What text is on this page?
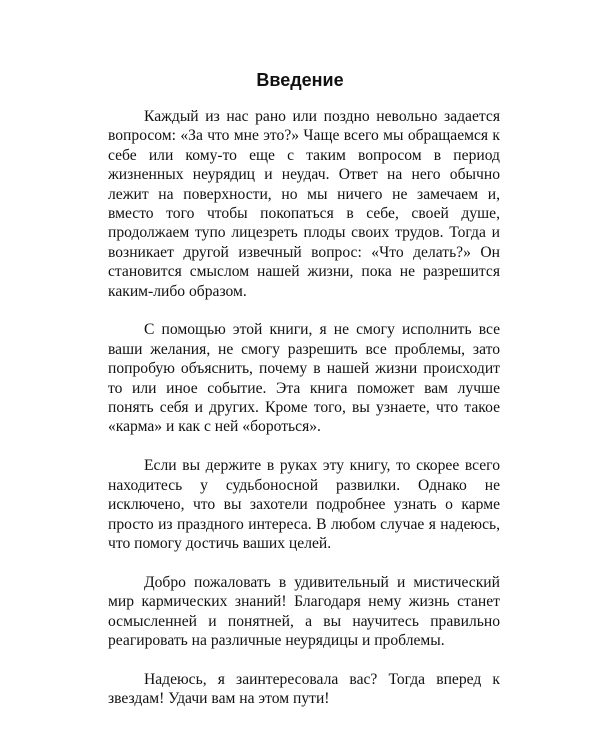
Введение

Каждый из нас рано или поздно невольно задается вопросом: «За что мне это?» Чаще всего мы обращаемся к себе или кому-то еще с таким вопросом в период жизненных неурядиц и неудач. Ответ на него обычно лежит на поверхности, но мы ничего не замечаем и, вместо того чтобы покопаться в себе, своей душе, продолжаем тупо лицезреть плоды своих трудов. Тогда и возникает другой извечный вопрос: «Что делать?» Он становится смыслом нашей жизни, пока не разрешится каким-либо образом.

С помощью этой книги, я не смогу исполнить все ваши желания, не смогу разрешить все проблемы, зато попробую объяснить, почему в нашей жизни происходит то или иное событие. Эта книга поможет вам лучше понять себя и других. Кроме того, вы узнаете, что такое «карма» и как с ней «бороться».

Если вы держите в руках эту книгу, то скорее всего находитесь у судьбоносной развилки. Однако не исключено, что вы захотели подробнее узнать о карме просто из праздного интереса. В любом случае я надеюсь, что помогу достичь ваших целей.

Добро пожаловать в удивительный и мистический мир кармических знаний! Благодаря нему жизнь станет осмысленней и понятней, а вы научитесь правильно реагировать на различные неурядицы и проблемы.

Надеюсь, я заинтересовала вас? Тогда вперед к звездам! Удачи вам на этом пути!
